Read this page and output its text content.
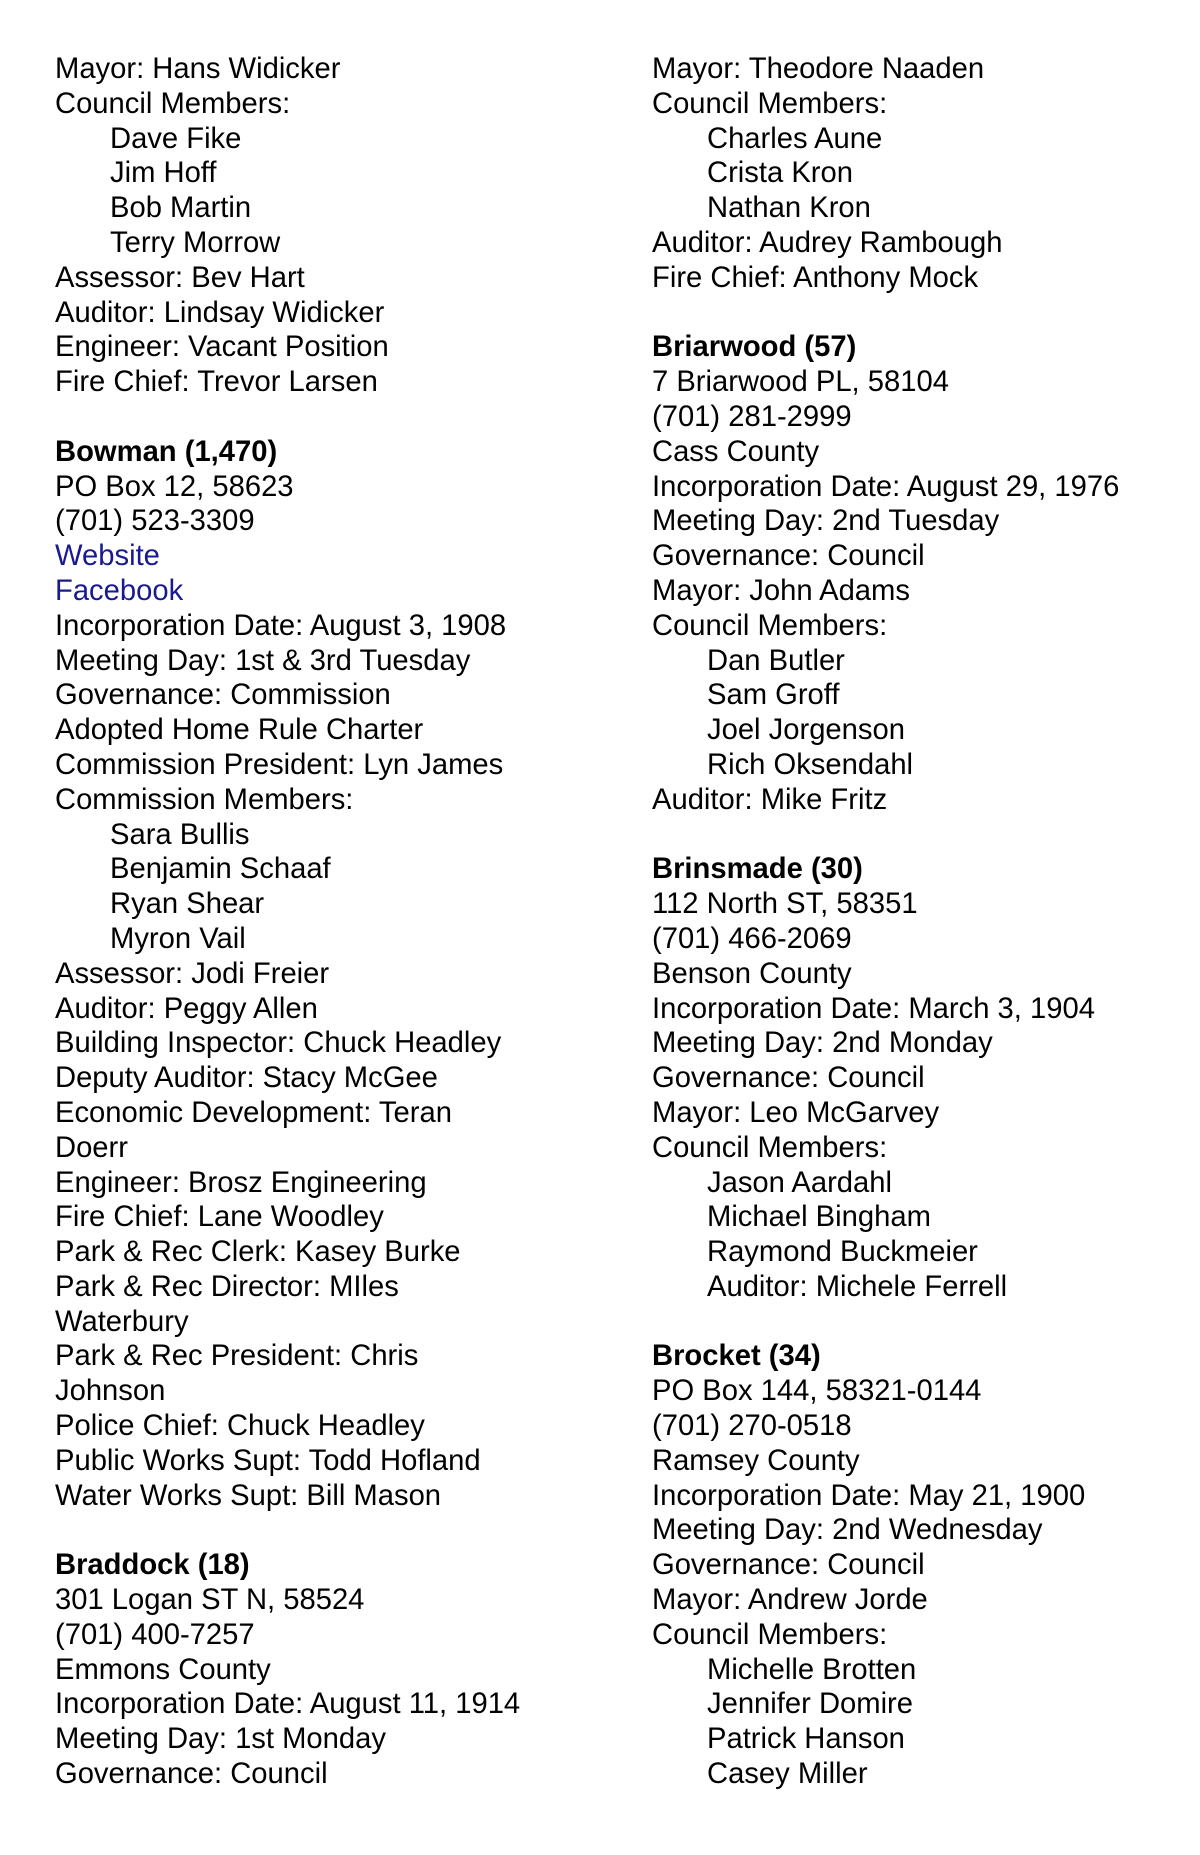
Mayor: Hans Widicker
Council Members:
Dave Fike
Jim Hoff
Bob Martin
Terry Morrow
Assessor: Bev Hart
Auditor: Lindsay Widicker
Engineer: Vacant Position
Fire Chief: Trevor Larsen
Bowman (1,470)
PO Box 12, 58623
(701) 523-3309
Website
Facebook
Incorporation Date: August 3, 1908
Meeting Day: 1st & 3rd Tuesday
Governance: Commission
Adopted Home Rule Charter
Commission President: Lyn James
Commission Members:
Sara Bullis
Benjamin Schaaf
Ryan Shear
Myron Vail
Assessor: Jodi Freier
Auditor: Peggy Allen
Building Inspector: Chuck Headley
Deputy Auditor: Stacy McGee
Economic Development: Teran
Doerr
Engineer: Brosz Engineering
Fire Chief: Lane Woodley
Park & Rec Clerk: Kasey Burke
Park & Rec Director: MIles
Waterbury
Park & Rec President: Chris
Johnson
Police Chief: Chuck Headley
Public Works Supt: Todd Hofland
Water Works Supt: Bill Mason
Braddock (18)
301 Logan ST N, 58524
(701) 400-7257
Emmons County
Incorporation Date: August 11, 1914
Meeting Day: 1st Monday
Governance: Council
Mayor: Theodore Naaden
Council Members:
Charles Aune
Crista Kron
Nathan Kron
Auditor: Audrey Rambough
Fire Chief: Anthony Mock
Briarwood (57)
7 Briarwood PL, 58104
(701) 281-2999
Cass County
Incorporation Date: August 29, 1976
Meeting Day: 2nd Tuesday
Governance: Council
Mayor: John Adams
Council Members:
Dan Butler
Sam Groff
Joel Jorgenson
Rich Oksendahl
Auditor: Mike Fritz
Brinsmade (30)
112 North ST, 58351
(701) 466-2069
Benson County
Incorporation Date: March 3, 1904
Meeting Day: 2nd Monday
Governance: Council
Mayor: Leo McGarvey
Council Members:
Jason Aardahl
Michael Bingham
Raymond Buckmeier
Auditor: Michele Ferrell
Brocket (34)
PO Box 144, 58321-0144
(701) 270-0518
Ramsey County
Incorporation Date: May 21, 1900
Meeting Day: 2nd Wednesday
Governance: Council
Mayor: Andrew Jorde
Council Members:
Michelle Brotten
Jennifer Domire
Patrick Hanson
Casey Miller
